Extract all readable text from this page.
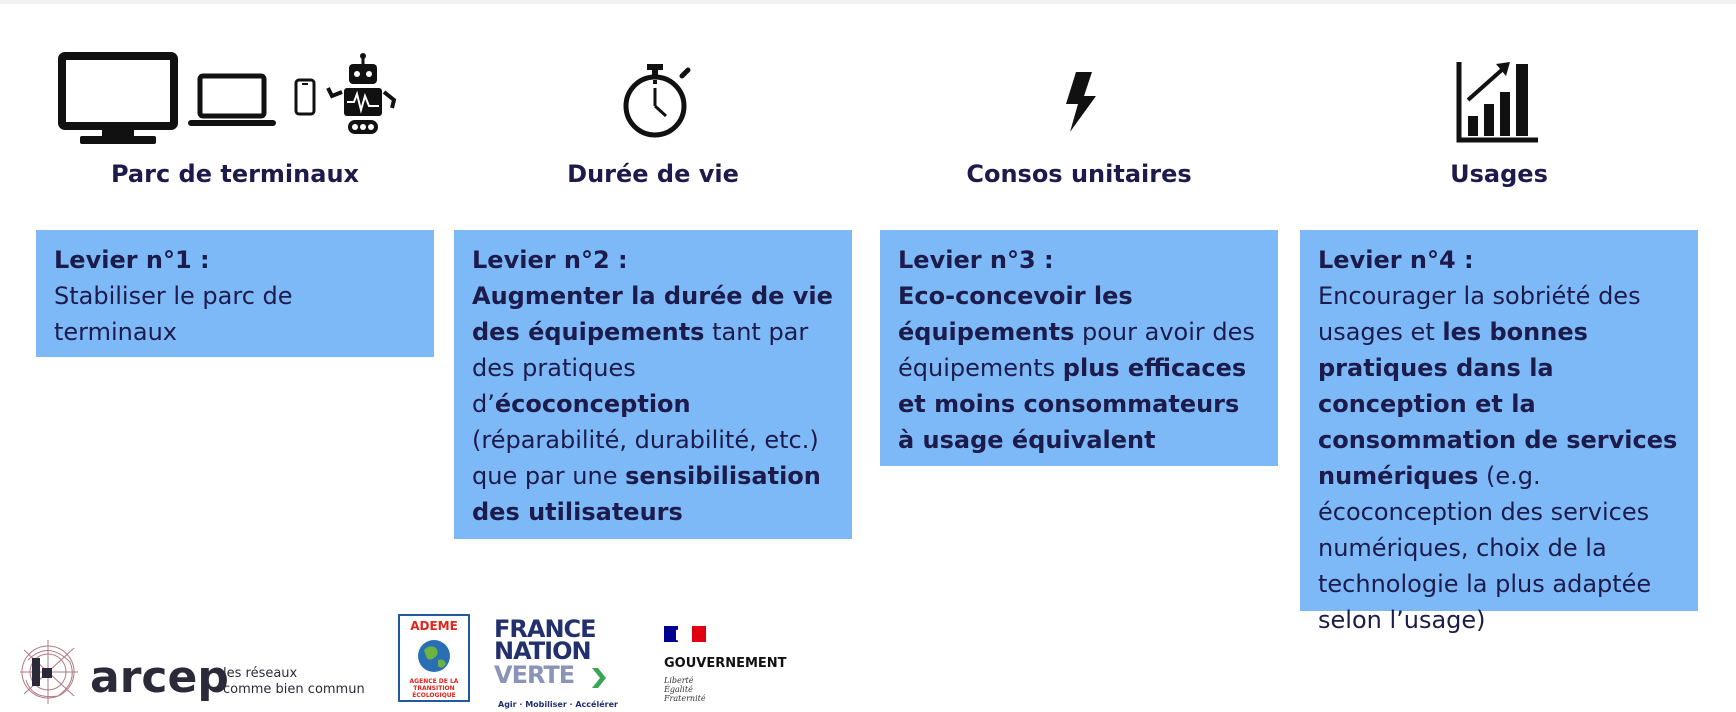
Parc de terminaux
Levier n°1 :
Stabiliser le parc de terminaux
Durée de vie
Levier n°2 :
Augmenter la durée de vie des équipements tant par des pratiques d’écoconception (réparabilité, durabilité, etc.) que par une sensibilisation des utilisateurs
Consos unitaires
Levier n°3 :
Eco-concevoir les équipements pour avoir des équipements plus efficaces et moins consommateurs à usage équivalent
Usages
Levier n°4 :
Encourager la sobriété des usages et les bonnes pratiques dans la conception et la consommation de services numériques (e.g. écoconception des services numériques, choix de la technologie la plus adaptée selon l’usage)
arcep
les réseaux
comme bien commun
ADEME
AGENCE DE LA
TRANSITION
ÉCOLOGIQUE
FRANCE
NATION
VERTE
Agir · Mobiliser · Accélérer
GOUVERNEMENT
Liberté
Égalité
Fraternité
